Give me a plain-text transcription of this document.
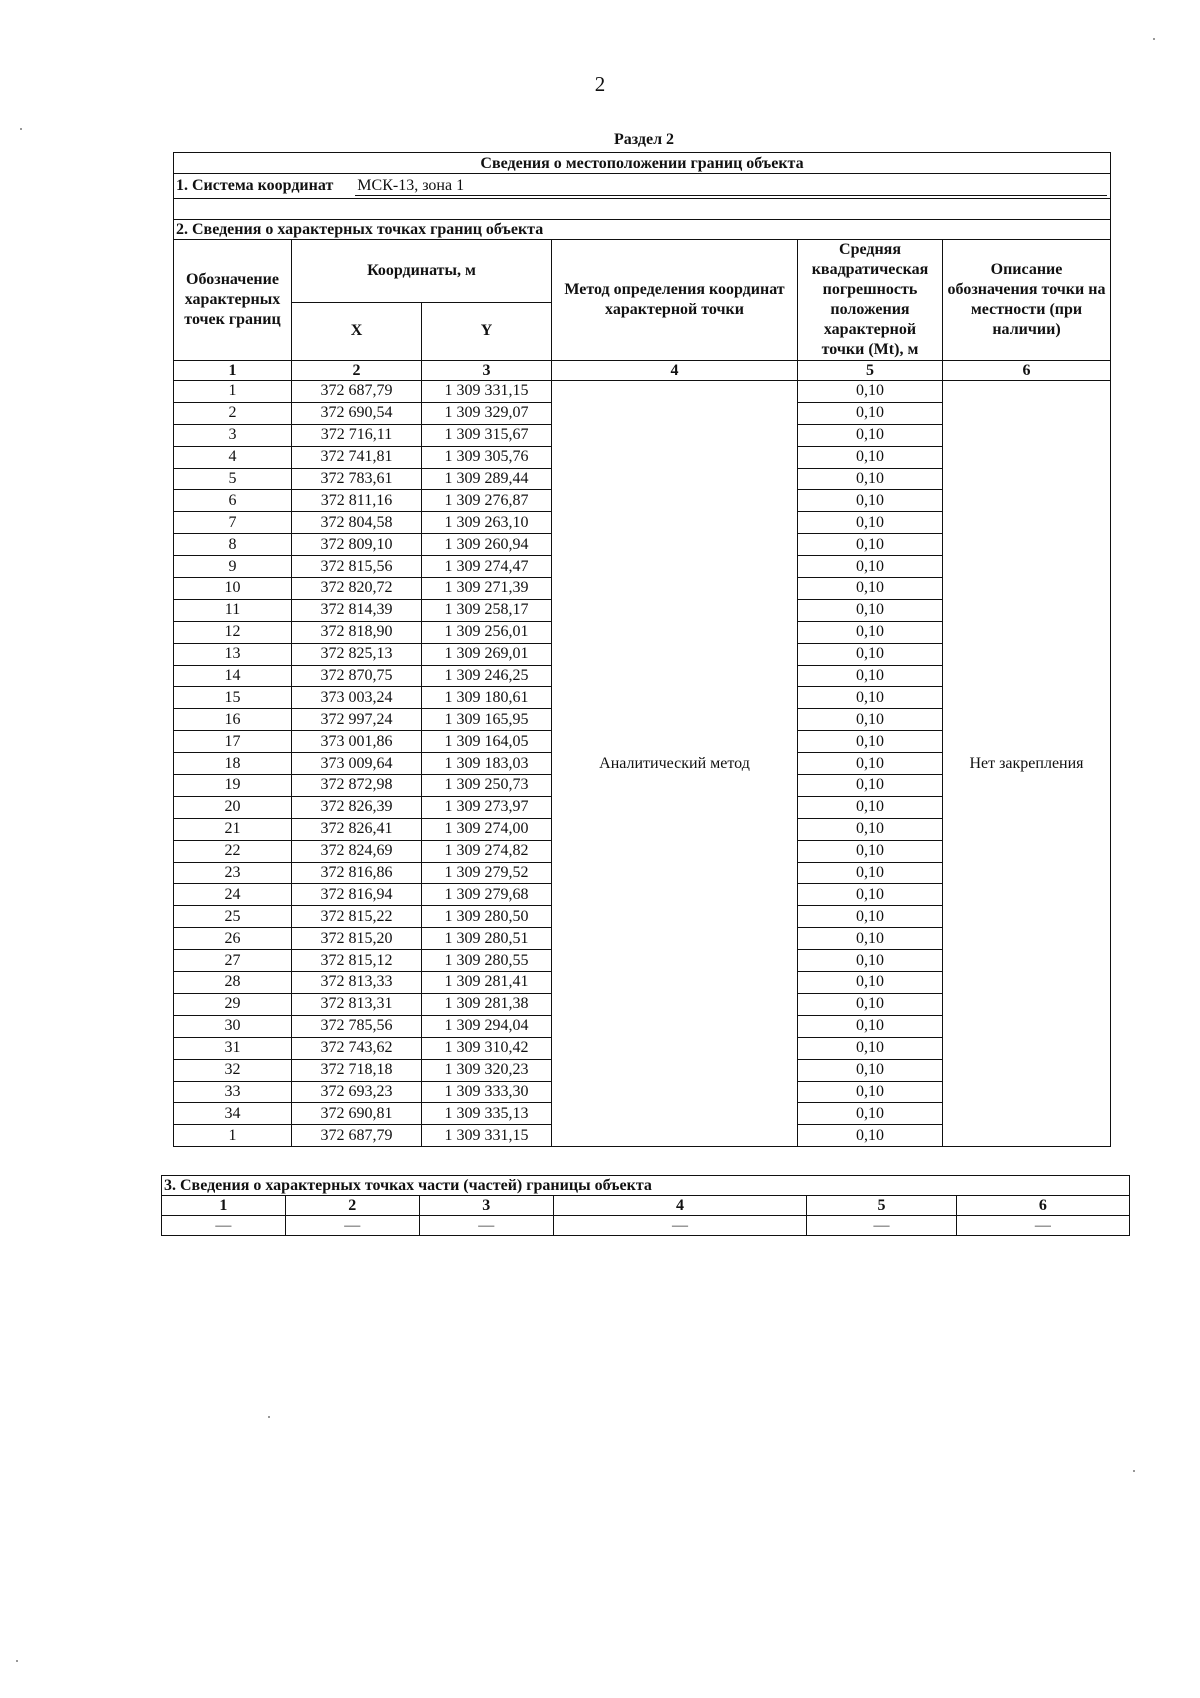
2
Раздел 2
Сведения о местоположении границ объекта					

1. Система координат МСК-13, зона 1					

2. Сведения о характерных точках границ объекта					
Обозначение характерных точек границ	Координаты, м		Метод определения координат характерной точки	Средняя квадратическая погрешность положения характерной точки (Mt), м	Описание обозначения точки на местности (при наличии)
	X	Y			
1	2	3	4	5	6
1	372 687,79	1 309 331,15	Аналитический метод	0,10	Нет закрепления
2	372 690,54	1 309 329,07		0,10	
3	372 716,11	1 309 315,67		0,10	
4	372 741,81	1 309 305,76		0,10	
5	372 783,61	1 309 289,44		0,10	
6	372 811,16	1 309 276,87		0,10	
7	372 804,58	1 309 263,10		0,10	
8	372 809,10	1 309 260,94		0,10	
9	372 815,56	1 309 274,47		0,10	
10	372 820,72	1 309 271,39		0,10	
11	372 814,39	1 309 258,17		0,10	
12	372 818,90	1 309 256,01		0,10	
13	372 825,13	1 309 269,01		0,10	
14	372 870,75	1 309 246,25		0,10	
15	373 003,24	1 309 180,61		0,10	
16	372 997,24	1 309 165,95		0,10	
17	373 001,86	1 309 164,05		0,10	
18	373 009,64	1 309 183,03		0,10	
19	372 872,98	1 309 250,73		0,10	
20	372 826,39	1 309 273,97		0,10	
21	372 826,41	1 309 274,00		0,10	
22	372 824,69	1 309 274,82		0,10	
23	372 816,86	1 309 279,52		0,10	
24	372 816,94	1 309 279,68		0,10	
25	372 815,22	1 309 280,50		0,10	
26	372 815,20	1 309 280,51		0,10	
27	372 815,12	1 309 280,55		0,10	
28	372 813,33	1 309 281,41		0,10	
29	372 813,31	1 309 281,38		0,10	
30	372 785,56	1 309 294,04		0,10	
31	372 743,62	1 309 310,42		0,10	
32	372 718,18	1 309 320,23		0,10	
33	372 693,23	1 309 333,30		0,10	
34	372 690,81	1 309 335,13		0,10	
1	372 687,79	1 309 331,15		0,10	
3. Сведения о характерных точках части (частей) границы объекта					
1	2	3	4	5	6
—	—	—	—	—	—
